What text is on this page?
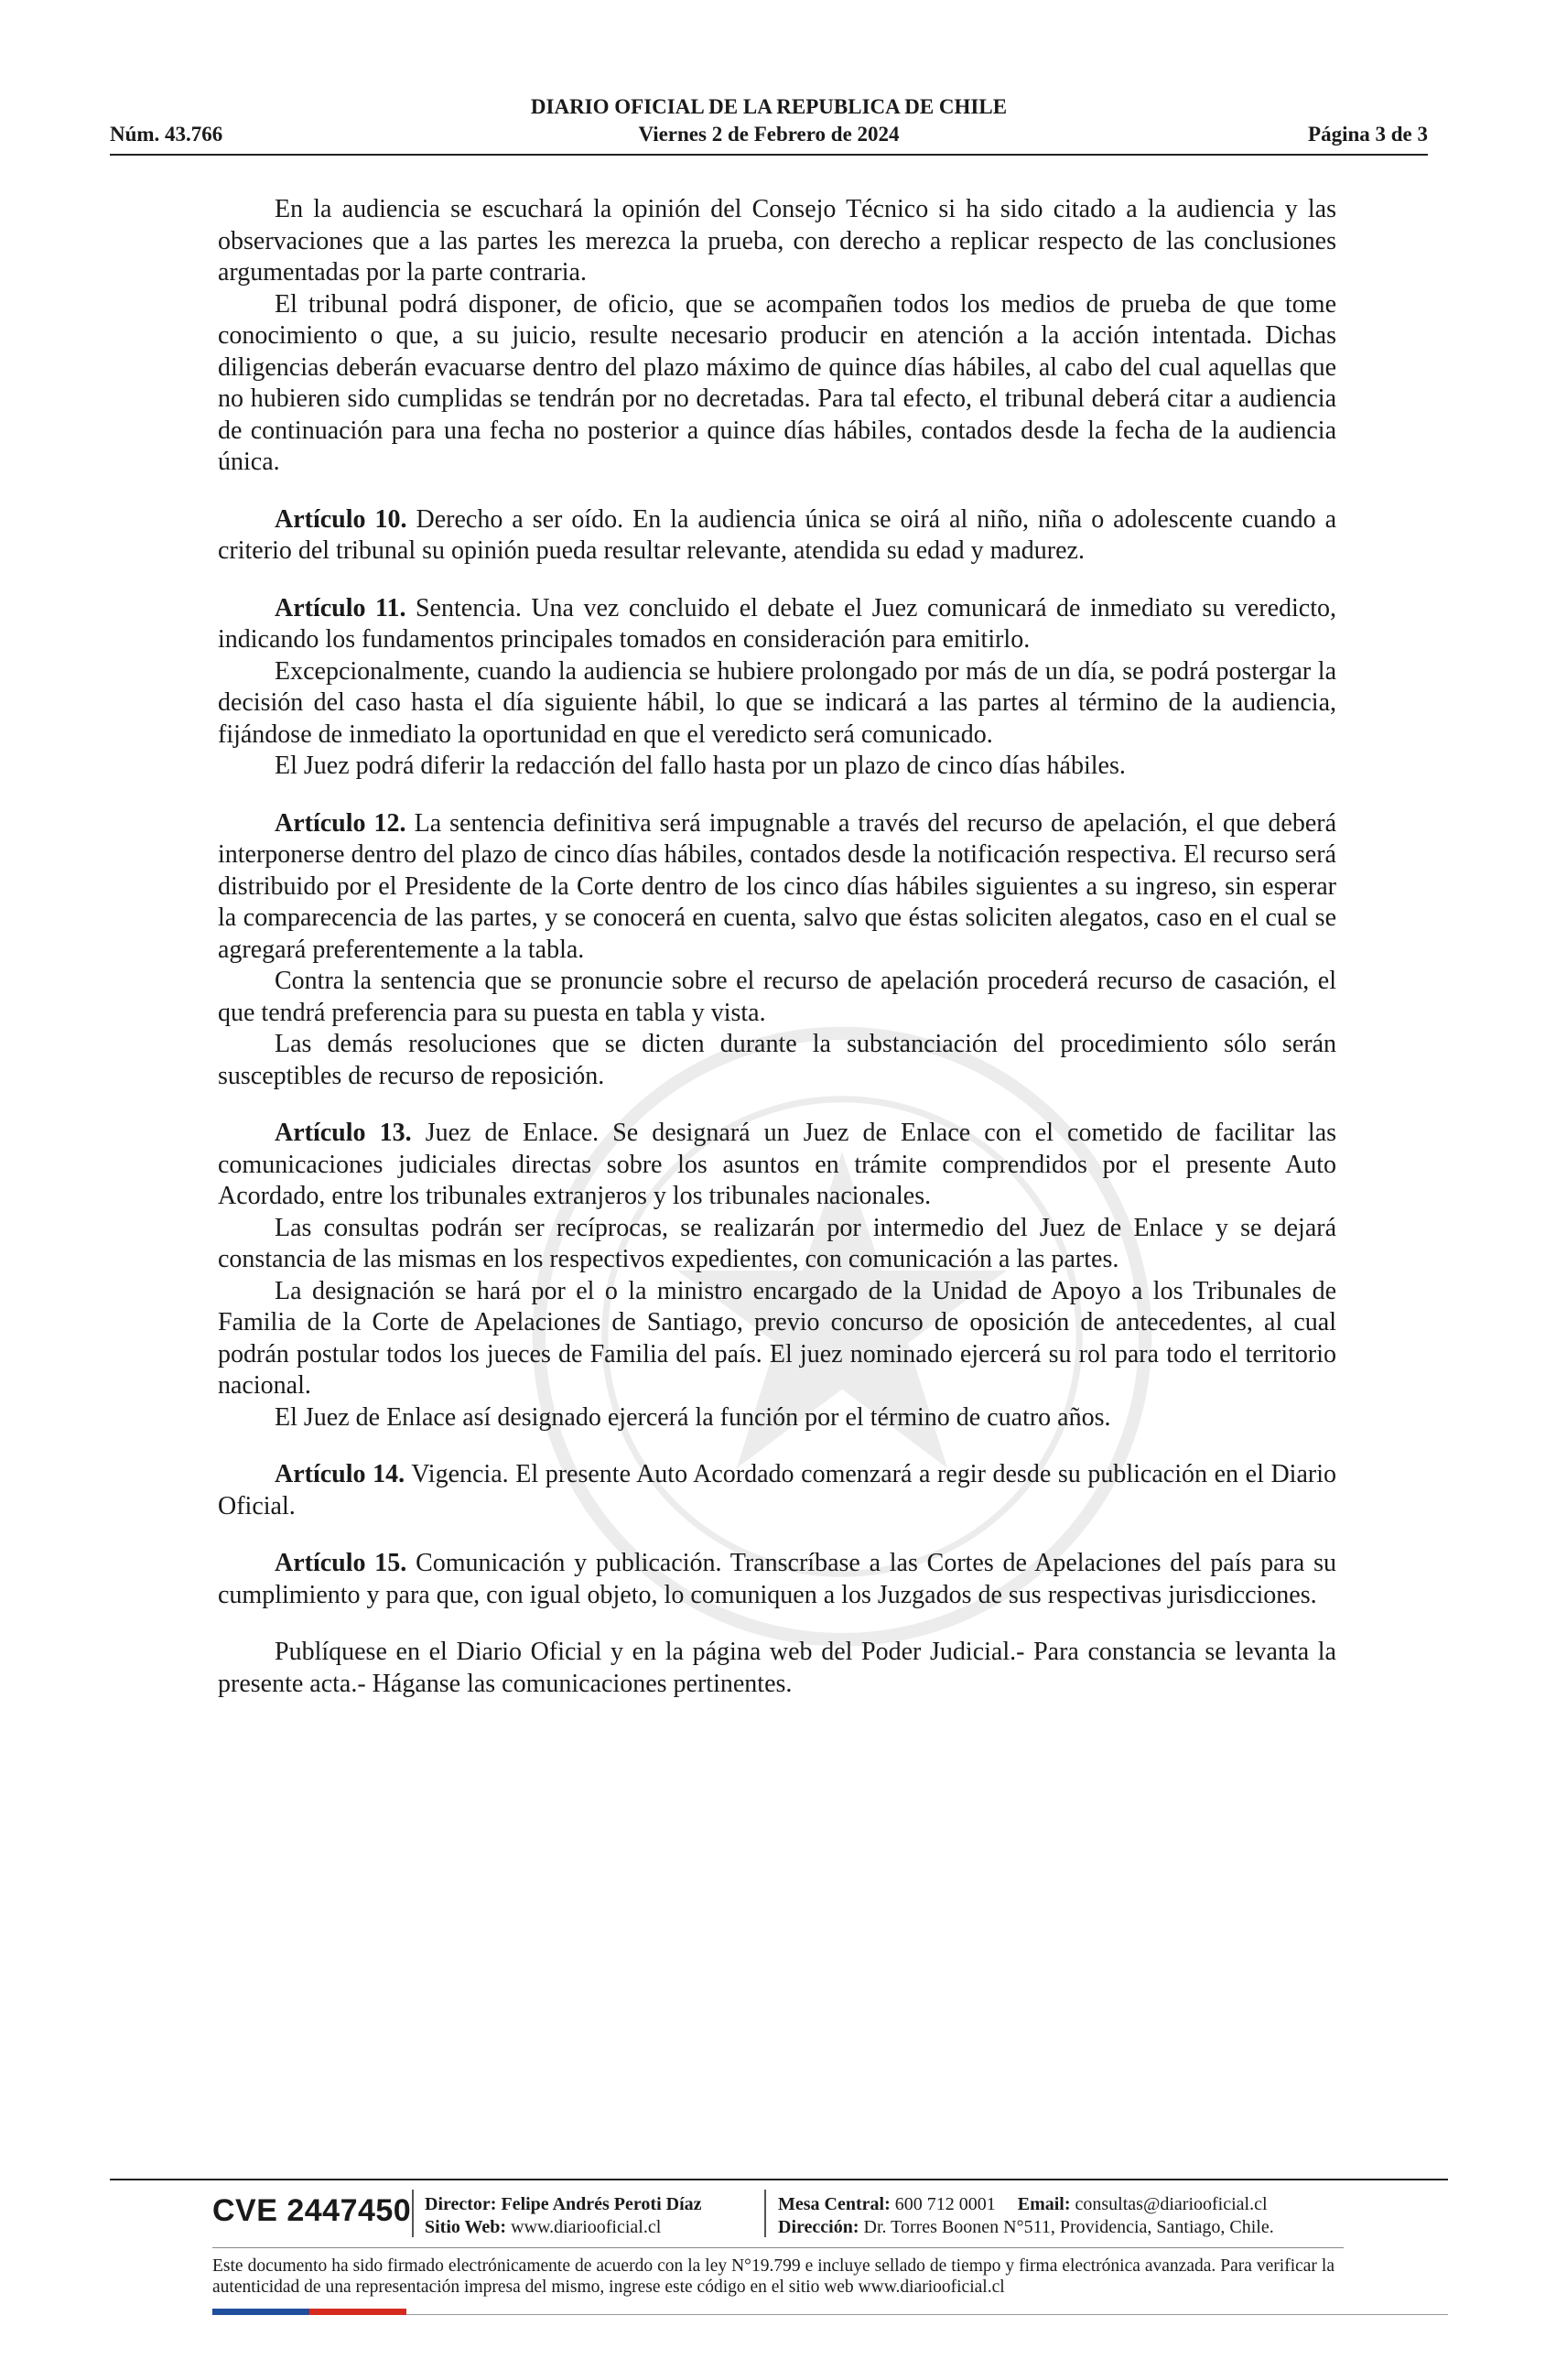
DIARIO OFICIAL DE LA REPUBLICA DE CHILE
Núm. 43.766	Viernes 2 de Febrero de 2024	Página 3 de 3

En la audiencia se escuchará la opinión del Consejo Técnico si ha sido citado a la audiencia y las observaciones que a las partes les merezca la prueba, con derecho a replicar respecto de las conclusiones argumentadas por la parte contraria.

El tribunal podrá disponer, de oficio, que se acompañen todos los medios de prueba de que tome conocimiento o que, a su juicio, resulte necesario producir en atención a la acción intentada. Dichas diligencias deberán evacuarse dentro del plazo máximo de quince días hábiles, al cabo del cual aquellas que no hubieren sido cumplidas se tendrán por no decretadas. Para tal efecto, el tribunal deberá citar a audiencia de continuación para una fecha no posterior a quince días hábiles, contados desde la fecha de la audiencia única.

Artículo 10. Derecho a ser oído. En la audiencia única se oirá al niño, niña o adolescente cuando a criterio del tribunal su opinión pueda resultar relevante, atendida su edad y madurez.

Artículo 11. Sentencia. Una vez concluido el debate el Juez comunicará de inmediato su veredicto, indicando los fundamentos principales tomados en consideración para emitirlo.

Excepcionalmente, cuando la audiencia se hubiere prolongado por más de un día, se podrá postergar la decisión del caso hasta el día siguiente hábil, lo que se indicará a las partes al término de la audiencia, fijándose de inmediato la oportunidad en que el veredicto será comunicado.

El Juez podrá diferir la redacción del fallo hasta por un plazo de cinco días hábiles.

Artículo 12. La sentencia definitiva será impugnable a través del recurso de apelación, el que deberá interponerse dentro del plazo de cinco días hábiles, contados desde la notificación respectiva. El recurso será distribuido por el Presidente de la Corte dentro de los cinco días hábiles siguientes a su ingreso, sin esperar la comparecencia de las partes, y se conocerá en cuenta, salvo que éstas soliciten alegatos, caso en el cual se agregará preferentemente a la tabla.

Contra la sentencia que se pronuncie sobre el recurso de apelación procederá recurso de casación, el que tendrá preferencia para su puesta en tabla y vista.

Las demás resoluciones que se dicten durante la substanciación del procedimiento sólo serán susceptibles de recurso de reposición.

Artículo 13. Juez de Enlace. Se designará un Juez de Enlace con el cometido de facilitar las comunicaciones judiciales directas sobre los asuntos en trámite comprendidos por el presente Auto Acordado, entre los tribunales extranjeros y los tribunales nacionales.

Las consultas podrán ser recíprocas, se realizarán por intermedio del Juez de Enlace y se dejará constancia de las mismas en los respectivos expedientes, con comunicación a las partes.

La designación se hará por el o la ministro encargado de la Unidad de Apoyo a los Tribunales de Familia de la Corte de Apelaciones de Santiago, previo concurso de oposición de antecedentes, al cual podrán postular todos los jueces de Familia del país. El juez nominado ejercerá su rol para todo el territorio nacional.

El Juez de Enlace así designado ejercerá la función por el término de cuatro años.

Artículo 14. Vigencia. El presente Auto Acordado comenzará a regir desde su publicación en el Diario Oficial.

Artículo 15. Comunicación y publicación. Transcríbase a las Cortes de Apelaciones del país para su cumplimiento y para que, con igual objeto, lo comuniquen a los Juzgados de sus respectivas jurisdicciones.

Publíquese en el Diario Oficial y en la página web del Poder Judicial.- Para constancia se levanta la presente acta.- Háganse las comunicaciones pertinentes.

CVE 2447450 Director: Felipe Andrés Peroti Díaz
Sitio Web: www.diariooficial.cl
Mesa Central: 600 712 0001 Email: consultas@diariooficial.cl
Dirección: Dr. Torres Boonen N°511, Providencia, Santiago, Chile.
Este documento ha sido firmado electrónicamente de acuerdo con la ley N°19.799 e incluye sellado de tiempo y firma electrónica avanzada. Para verificar la autenticidad de una representación impresa del mismo, ingrese este código en el sitio web www.diariooficial.cl
